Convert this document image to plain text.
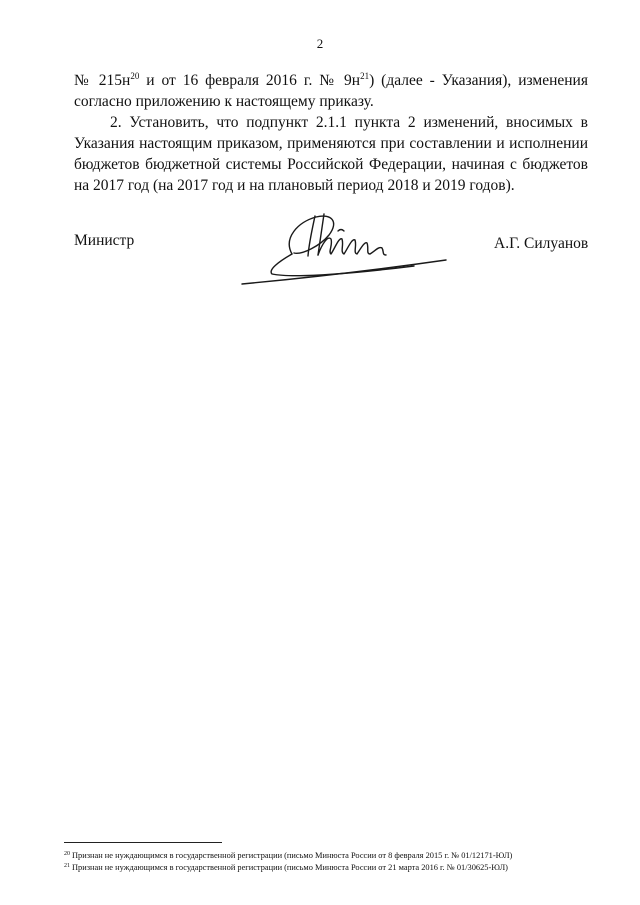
2

№ $215н^{20}$ и от 16 февраля 2016 г. № $9н^{21}$) (далее - Указания), изменения согласно приложению к настоящему приказу.

2. Установить, что подпункт 2.1.1 пункта 2 изменений, вносимых в Указания настоящим приказом, применяются при составлении и исполнении бюджетов бюджетной системы Российской Федерации, начиная с бюджетов на 2017 год (на 2017 год и на плановый период 2018 и 2019 годов).

Министр	А.Г. Силуанов
$^{20}$ Признан не нуждающимся в государственной регистрации (письмо Минюста России от 8 февраля 2015 г. № 01/12171-ЮЛ)
$^{21}$ Признан не нуждающимся в государственной регистрации (письмо Минюста России от 21 марта 2016 г. № 01/30625-ЮЛ)
